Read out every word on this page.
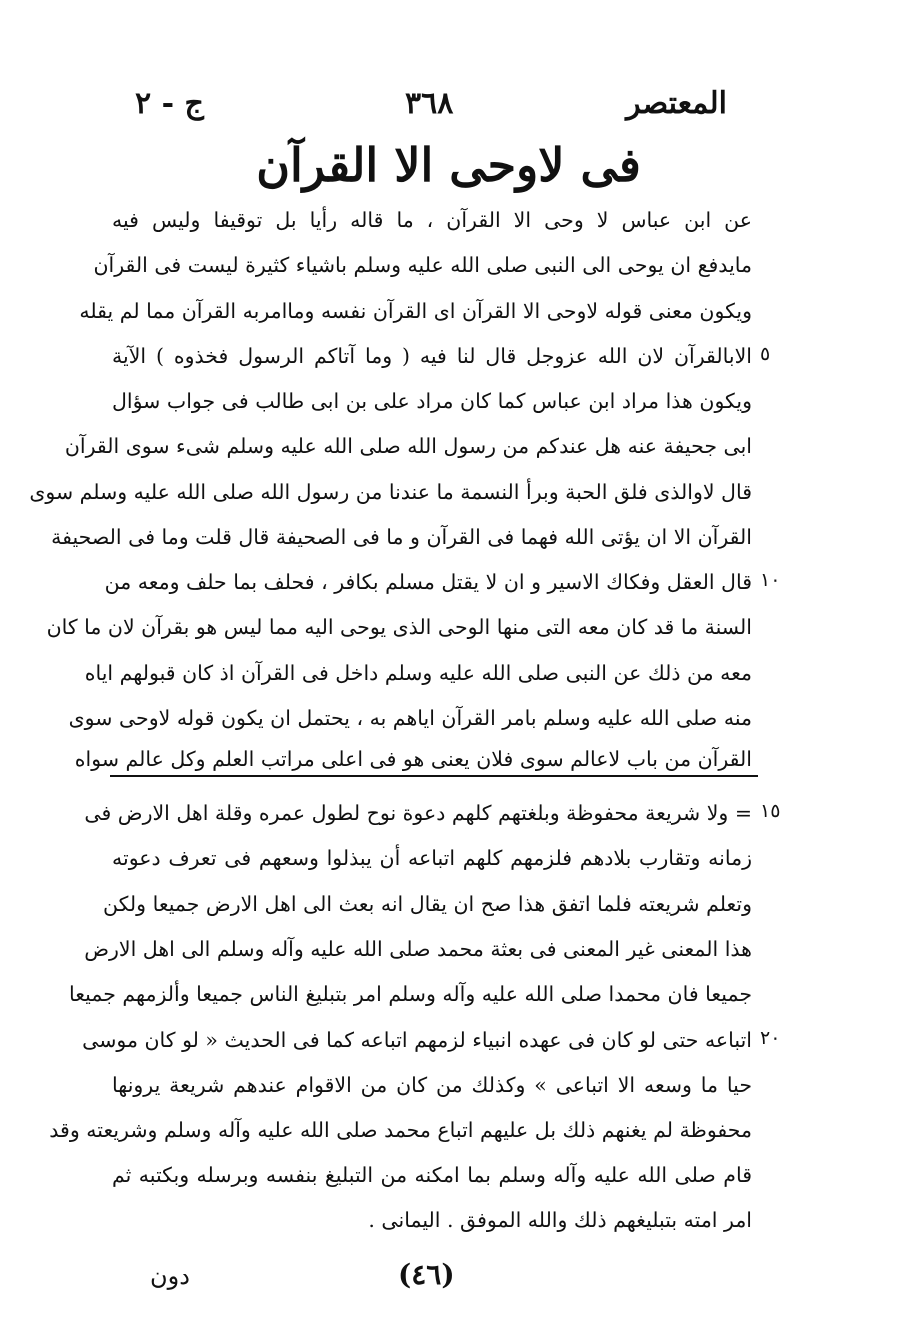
المعتصر
٣٦٨
ج - ٢
فى لاوحى الا القرآن
عن ابن عباس لا وحى الا القرآن ، ما قاله رأيا بل توقيفا وليس فيه
مايدفع ان يوحى الى النبى صلى الله عليه وسلم باشياء كثيرة ليست فى القرآن
ويكون معنى قوله لاوحى الا القرآن اى القرآن نفسه وماامربه القرآن مما لم يقله
الابالقرآن لان الله عزوجل قال لنا فيه ( وما آتاكم الرسول فخذوه ) الآية
ويكون هذا مراد ابن عباس كما كان مراد على بن ابى طالب فى جواب سؤال
ابى جحيفة عنه هل عندكم من رسول الله صلى الله عليه وسلم شىء سوى القرآن
قال لاوالذى فلق الحبة وبرأ النسمة ما عندنا من رسول الله صلى الله عليه وسلم سوى
القرآن الا ان يؤتى الله فهما فى القرآن و ما فى الصحيفة قال قلت وما فى الصحيفة
قال العقل وفكاك الاسير و ان لا يقتل مسلم بكافر ، فحلف بما حلف ومعه من
السنة ما قد كان معه التى منها الوحى الذى يوحى اليه مما ليس هو بقرآن لان ما كان
معه من ذلك عن النبى صلى الله عليه وسلم داخل فى القرآن اذ كان قبولهم اياه
منه صلى الله عليه وسلم بامر القرآن اياهم به ، يحتمل ان يكون قوله لاوحى سوى
القرآن من باب لاعالم سوى فلان يعنى هو فى اعلى مراتب العلم وكل عالم سواه
= ولا شريعة محفوظة وبلغتهم كلهم دعوة نوح لطول عمره وقلة اهل الارض فى
زمانه وتقارب بلادهم فلزمهم كلهم اتباعه أن يبذلوا وسعهم فى تعرف دعوته
وتعلم شريعته فلما اتفق هذا صح ان يقال انه بعث الى اهل الارض جميعا ولكن
هذا المعنى غير المعنى فى بعثة محمد صلى الله عليه وآله وسلم الى اهل الارض
جميعا فان محمدا صلى الله عليه وآله وسلم امر بتبليغ الناس جميعا وألزمهم جميعا
اتباعه حتى لو كان فى عهده انبياء لزمهم اتباعه كما فى الحديث « لو كان موسى
حيا ما وسعه الا اتباعى » وكذلك من كان من الاقوام عندهم شريعة يرونها
محفوظة لم يغنهم ذلك بل عليهم اتباع محمد صلى الله عليه وآله وسلم وشريعته وقد
قام صلى الله عليه وآله وسلم بما امكنه من التبليغ بنفسه وبرسله وبكتبه ثم
امر امته بتبليغهم ذلك والله الموفق . اليمانى .
٥
١٠
١٥
٢٠
دون	(٤٦)
